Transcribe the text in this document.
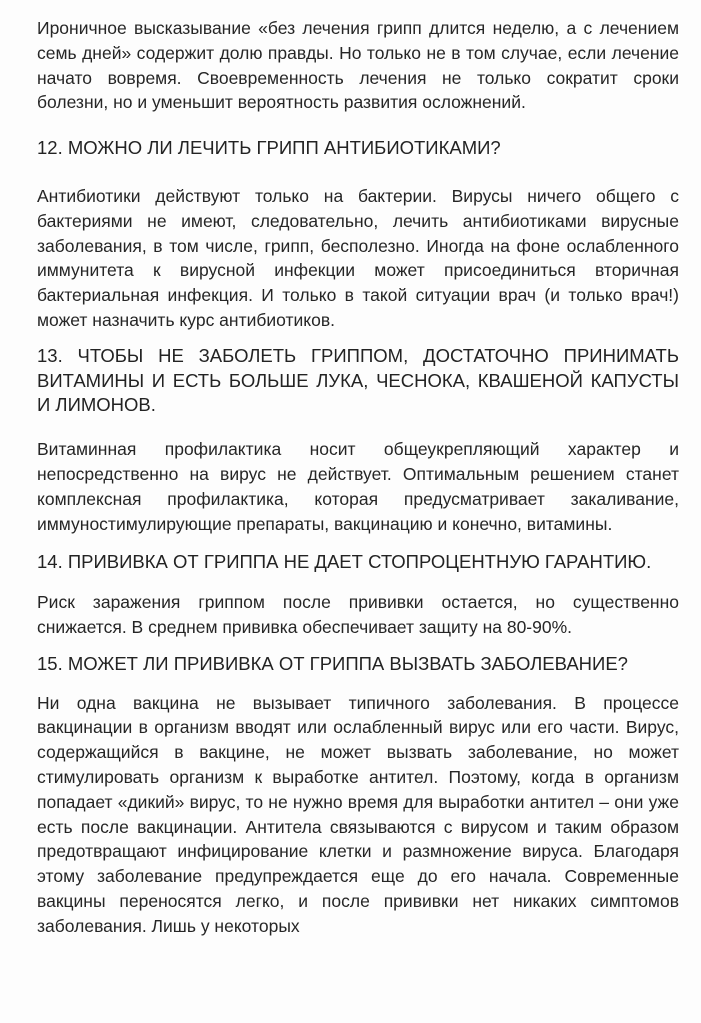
Ироничное высказывание «без лечения грипп длится неделю, а с лечением семь дней» содержит долю правды. Но только не в том случае, если лечение начато вовремя. Своевременность лечения не только сократит сроки болезни, но и уменьшит вероятность развития осложнений.

12. МОЖНО ЛИ ЛЕЧИТЬ ГРИПП АНТИБИОТИКАМИ?

Антибиотики действуют только на бактерии. Вирусы ничего общего с бактериями не имеют, следовательно, лечить антибиотиками вирусные заболевания, в том числе, грипп, бесполезно. Иногда на фоне ослабленного иммунитета к вирусной инфекции может присоединиться вторичная бактериальная инфекция. И только в такой ситуации врач (и только врач!) может назначить курс антибиотиков.

13. ЧТОБЫ НЕ ЗАБОЛЕТЬ ГРИППОМ, ДОСТАТОЧНО ПРИНИМАТЬ ВИТАМИНЫ И ЕСТЬ БОЛЬШЕ ЛУКА, ЧЕСНОКА, КВАШЕНОЙ КАПУСТЫ И ЛИМОНОВ.

Витаминная профилактика носит общеукрепляющий характер и непосредственно на вирус не действует. Оптимальным решением станет комплексная профилактика, которая предусматривает закаливание, иммуностимулирующие препараты, вакцинацию и конечно, витамины.

14. ПРИВИВКА ОТ ГРИППА НЕ ДАЕТ СТОПРОЦЕНТНУЮ ГАРАНТИЮ.

Риск заражения гриппом после прививки остается, но существенно снижается. В среднем прививка обеспечивает защиту на 80-90%.

15. МОЖЕТ ЛИ ПРИВИВКА ОТ ГРИППА ВЫЗВАТЬ ЗАБОЛЕВАНИЕ?

Ни одна вакцина не вызывает типичного заболевания. В процессе вакцинации в организм вводят или ослабленный вирус или его части. Вирус, содержащийся в вакцине, не может вызвать заболевание, но может стимулировать организм к выработке антител. Поэтому, когда в организм попадает «дикий» вирус, то не нужно время для выработки антител – они уже есть после вакцинации. Антитела связываются с вирусом и таким образом предотвращают инфицирование клетки и размножение вируса. Благодаря этому заболевание предупреждается еще до его начала. Современные вакцины переносятся легко, и после прививки нет никаких симптомов заболевания. Лишь у некоторых
